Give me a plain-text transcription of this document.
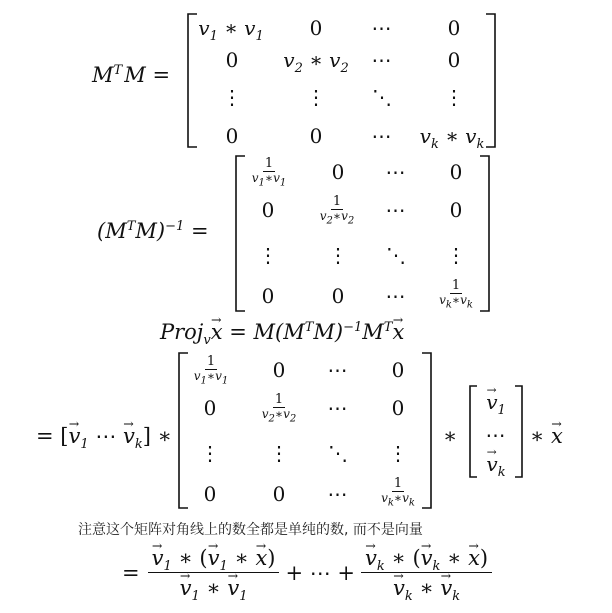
$M^T$ M =
$v_1$ ∗ $v_1$	0	⋯	0
0	$v_2$ ∗ $v_2$	⋯	0
⋮	⋮	⋱	⋮
0	0	⋯	$v_k$ ∗ $v_k$
$(M^TM)^{-1}$ =
$\frac{1}{v_1∗v_1}$	0	⋯	0
0	$\frac{1}{v_2∗v_2}$	⋯	0
⋮	⋮	⋱	⋮
0	0	⋯	$\frac{1}{v_k∗v_k}$
Proj$_v$→ $x = M(M^TM)^{-1}M^T\to x$
= [→ $v_1$ ⋯ → $v_k$] ∗
$\frac{1}{v_1∗v_1}$	0	⋯	0
0	$\frac{1}{v_2∗v_2}$	⋯	0
⋮	⋮	⋱	⋮
0	0	⋯	$\frac{1}{v_k∗v_k}$
∗
→ $v_1$
⋯
→ $v_k$
∗ → x
注意这个矩阵对角线上的数全都是单纯的数, 而不是向量
= → $v_1$ ∗ (→ $v_1$ ∗ → x)
→ $v_1$ ∗ → $v_1$ + ⋯ + → $v_k$ ∗ (→ $v_k$ ∗ → x)
→ $v_k$ ∗ → $v_k$
